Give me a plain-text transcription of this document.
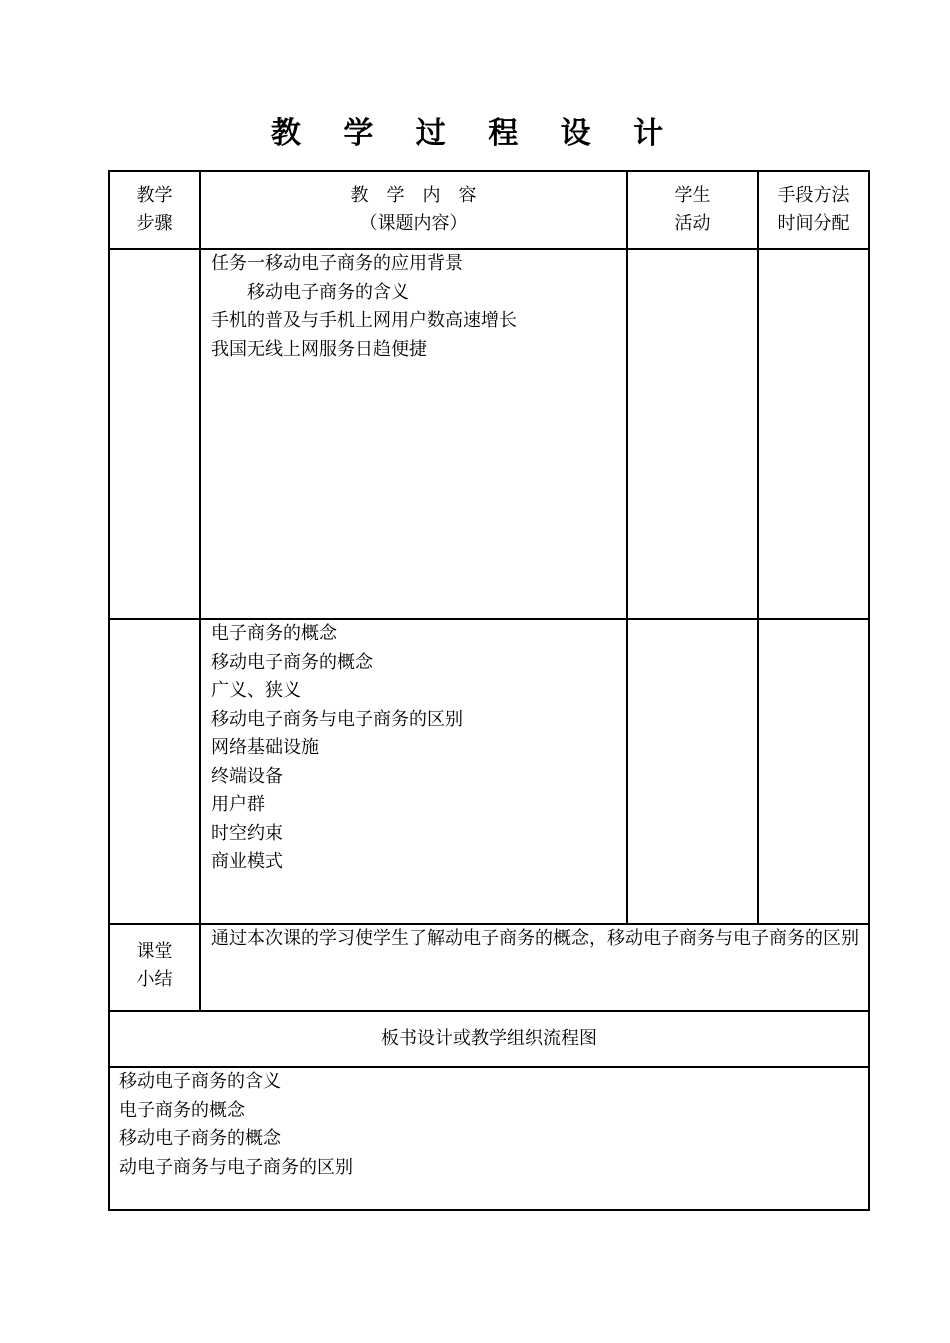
教 学 过 程 设 计
教学
步骤
教　学　内　容
（课题内容）
学生
活动
手段方法
时间分配
任务一移动电子商务的应用背景
　　移动电子商务的含义
手机的普及与手机上网用户数高速增长
我国无线上网服务日趋便捷
电子商务的概念
移动电子商务的概念
广义、狭义
移动电子商务与电子商务的区别
网络基础设施
终端设备
用户群
时空约束
商业模式
课堂
小结
通过本次课的学习使学生了解动电子商务的概念，移动电子商务与电子商务的区别
板书设计或教学组织流程图
移动电子商务的含义
电子商务的概念
移动电子商务的概念
动电子商务与电子商务的区别
